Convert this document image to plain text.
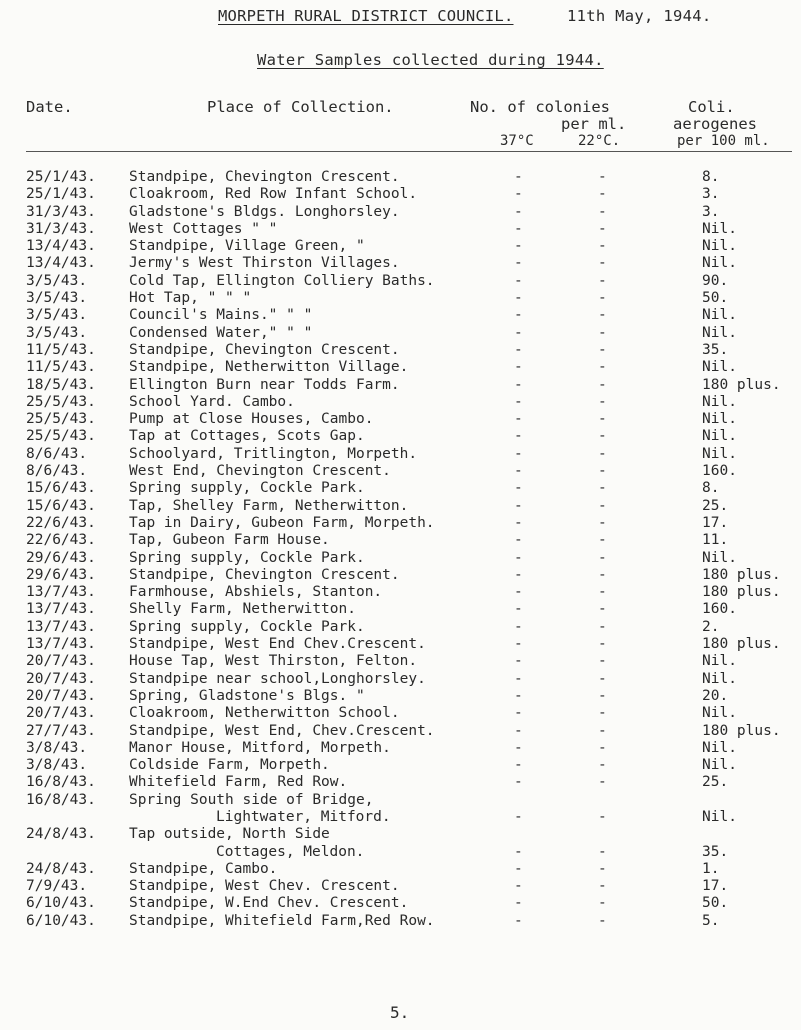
MORPETH RURAL DISTRICT COUNCIL.	11th May, 1944.
Water Samples collected during 1944.
Date.	Place of Collection.	No. of colonies
per ml.
37°C	22°C.
Coli.
aerogenes
per 100 ml.
25/1/43. Standpipe, Chevington Crescent.	-	-	8.
25/1/43. Cloakroom, Red Row Infant School.	-	-	3.
31/3/43. Gladstone's Bldgs. Longhorsley.	-	-	3.
31/3/43. West Cottages " "	-	-	Nil.
13/4/43. Standpipe, Village Green, "	-	-	Nil.
13/4/43. Jermy's West Thirston Villages.	-	-	Nil.
3/5/43.	Cold Tap, Ellington Colliery Baths.	-	-	90.
3/5/43.	Hot Tap, " " "	-	-	50.
3/5/43.	Council's Mains." " "	-	-	Nil.
3/5/43.	Condensed Water," " "	-	-	Nil.
11/5/43. Standpipe, Chevington Crescent.	-	-	35.
11/5/43. Standpipe, Netherwitton Village.	-	-	Nil.
18/5/43. Ellington Burn near Todds Farm.	-	-	180 plus.
25/5/43. School Yard. Cambo.	-	-	Nil.
25/5/43. Pump at Close Houses, Cambo.	-	-	Nil.
25/5/43. Tap at Cottages, Scots Gap.	-	-	Nil.
8/6/43.	Schoolyard, Tritlington, Morpeth.	-	-	Nil.
8/6/43.	West End, Chevington Crescent.	-	-	160.
15/6/43. Spring supply, Cockle Park.	-	-	8.
15/6/43. Tap, Shelley Farm, Netherwitton.	-	-	25.
22/6/43. Tap in Dairy, Gubeon Farm, Morpeth.	-	-	17.
22/6/43. Tap, Gubeon Farm House.	-	-	11.
29/6/43. Spring supply, Cockle Park.	-	-	Nil.
29/6/43. Standpipe, Chevington Crescent.	-	-	180 plus.
13/7/43. Farmhouse, Abshiels, Stanton.	-	-	180 plus.
13/7/43. Shelly Farm, Netherwitton.	-	-	160.
13/7/43. Spring supply, Cockle Park.	-	-	2.
13/7/43. Standpipe, West End Chev.Crescent.	-	-	180 plus.
20/7/43. House Tap, West Thirston, Felton.	-	-	Nil.
20/7/43. Standpipe near school,Longhorsley.	-	-	Nil.
20/7/43. Spring, Gladstone's Blgs. "	-	-	20.
20/7/43. Cloakroom, Netherwitton School.	-	-	Nil.
27/7/43. Standpipe, West End, Chev.Crescent.	-	-	180 plus.
3/8/43.	Manor House, Mitford, Morpeth.	-	-	Nil.
3/8/43.	Coldside Farm, Morpeth.	-	-	Nil.
16/8/43. Whitefield Farm, Red Row.	-	-	25.
16/8/43. Spring South side of Bridge,
Lightwater, Mitford.	-	-	Nil.
24/8/43. Tap outside, North Side
Cottages, Meldon.	-	-	35.
24/8/43. Standpipe, Cambo.	-	-	1.
7/9/43.	Standpipe, West Chev. Crescent.	-	-	17.
6/10/43. Standpipe, W.End Chev. Crescent.	-	-	50.
6/10/43. Standpipe, Whitefield Farm,Red Row.	-	-	5.
5.
